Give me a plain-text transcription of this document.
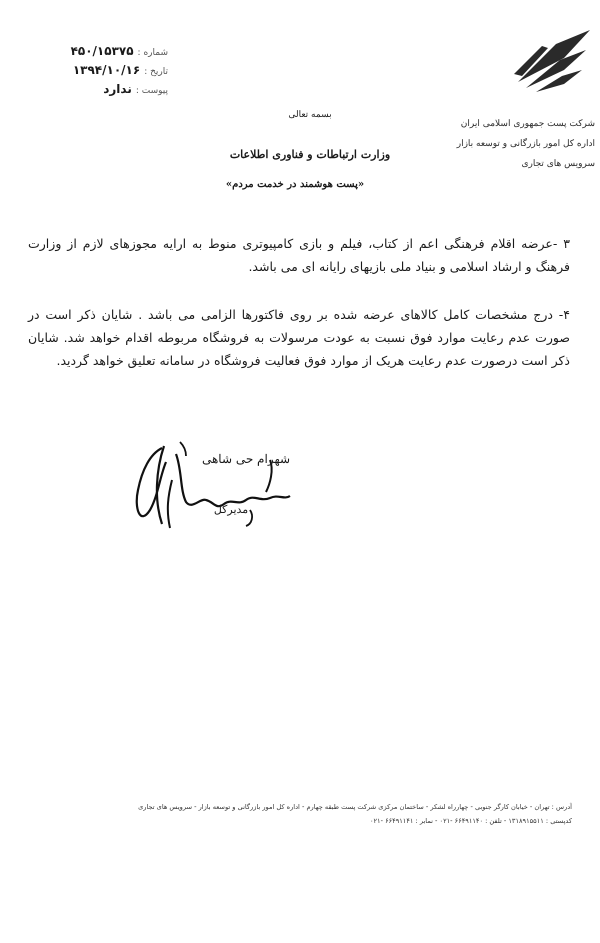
شرکت پست جمهوری اسلامی ایران
اداره کل امور بازرگانی و توسعه بازار
سرویس های تجاری
شماره :
۴۵۰/۱۵۳۷۵
تاریخ :
۱۳۹۴/۱۰/۱۶
پیوست :
ندارد
بسمه تعالی
وزارت ارتباطات و فناوری اطلاعات
«پست هوشمند در خدمت مردم»
۳ -عرضه اقلام فرهنگی اعم از کتاب، فیلم و بازی کامپیوتری منوط به ارایه مجوزهای لازم از وزارت فرهنگ و ارشاد اسلامی و بنیاد ملی بازیهای رایانه ای می باشد.
۴- درج مشخصات کامل کالاهای عرضه شده بر روی فاکتورها الزامی می باشد . شایان ذکر است در صورت عدم رعایت موارد فوق نسبت به عودت مرسولات به فروشگاه مربوطه اقدام خواهد شد. شایان ذکر است درصورت عدم رعایت هریک از موارد فوق فعالیت فروشگاه در سامانه تعلیق خواهد گردید.
شهرام حی شاهی
مدیرکل
آدرس : تهران - خیابان کارگر جنوبی - چهارراه لشکر - ساختمان مرکزی شرکت پست طبقه چهارم - اداره کل امور بازرگانی و توسعه بازار - سرویس های تجاری
کدپستی : ۱۳۱۸۹۱۵۵۱۱ - تلفن : ۶۶۴۹۱۱۴۰ -۰۲۱ - نمابر : ۶۶۴۹۱۱۴۱ -۰۲۱
